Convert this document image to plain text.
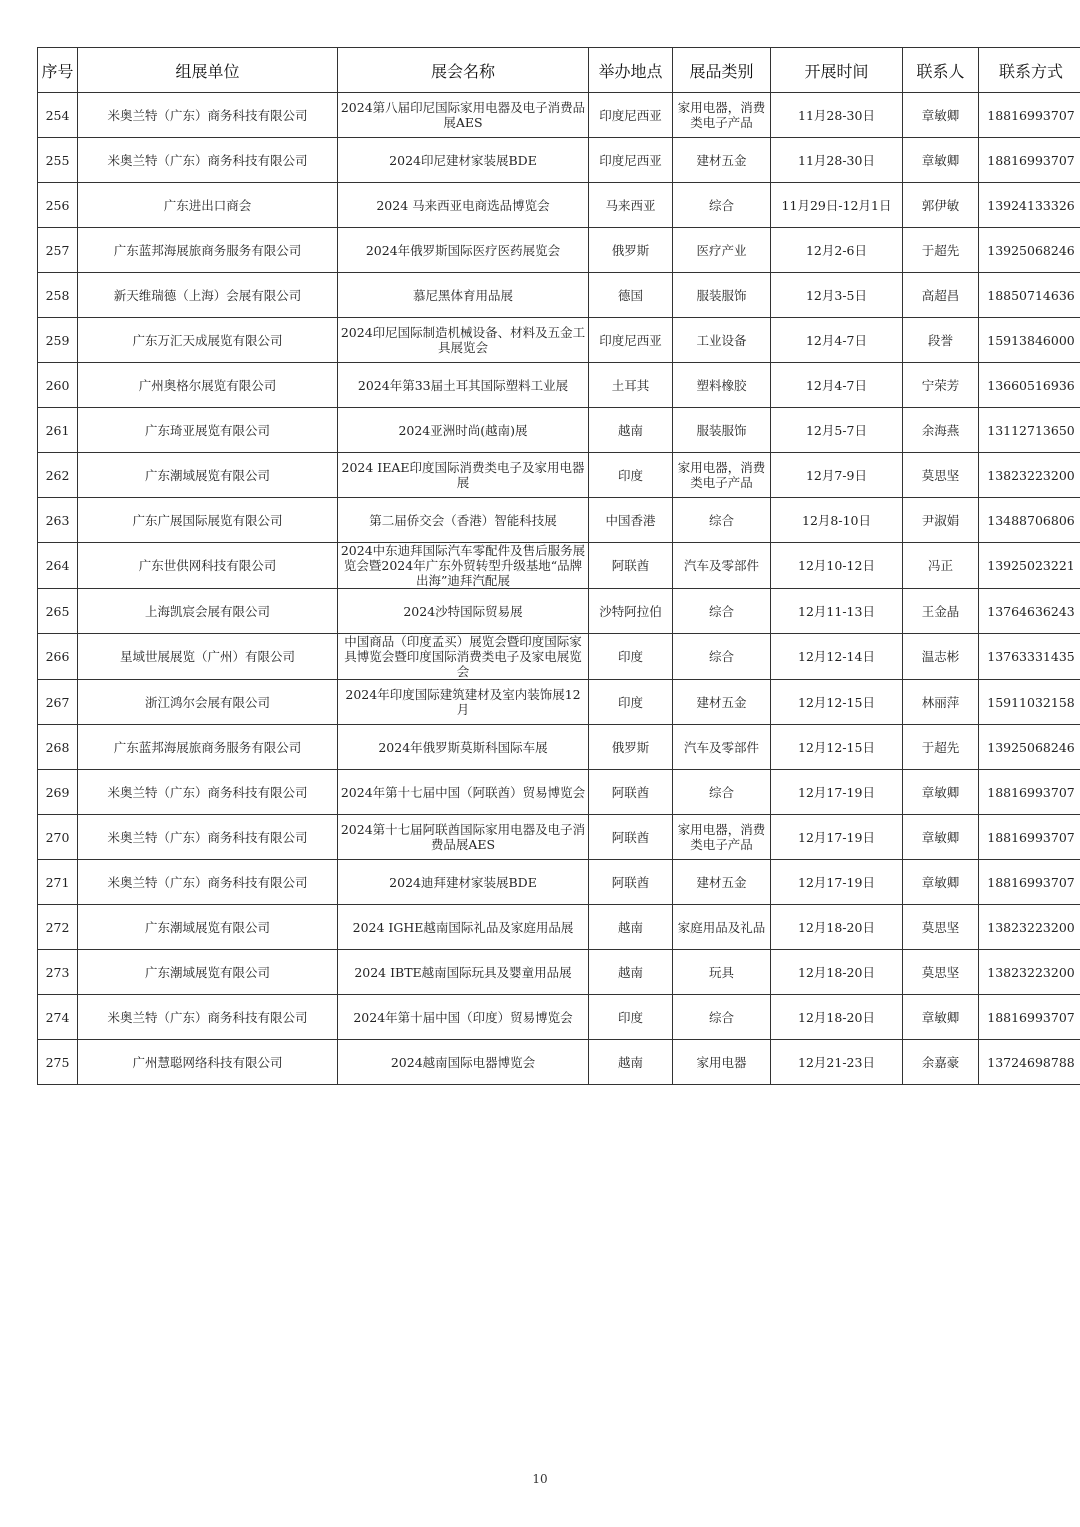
序号	组展单位	展会名称	举办地点	展品类别	开展时间	联系人	联系方式
254	米奥兰特（广东）商务科技有限公司	2024第八届印尼国际家用电器及电子消费品展AES	印度尼西亚	家用电器，消费类电子产品	11月28-30日	章敏卿	18816993707
255	米奥兰特（广东）商务科技有限公司	2024印尼建材家装展BDE	印度尼西亚	建材五金	11月28-30日	章敏卿	18816993707
256	广东进出口商会	2024 马来西亚电商选品博览会	马来西亚	综合	11月29日-12月1日	郭伊敏	13924133326
257	广东蓝邦海展旅商务服务有限公司	2024年俄罗斯国际医疗医药展览会	俄罗斯	医疗产业	12月2-6日	于超先	13925068246
258	新天维瑞德（上海）会展有限公司	慕尼黑体育用品展	德国	服装服饰	12月3-5日	高超昌	18850714636
259	广东万汇天成展览有限公司	2024印尼国际制造机械设备、材料及五金工具展览会	印度尼西亚	工业设备	12月4-7日	段誉	15913846000
260	广州奥格尔展览有限公司	2024年第33届土耳其国际塑料工业展	土耳其	塑料橡胶	12月4-7日	宁荣芳	13660516936
261	广东琦亚展览有限公司	2024亚洲时尚(越南)展	越南	服装服饰	12月5-7日	余海燕	13112713650
262	广东潮域展览有限公司	2024 IEAE印度国际消费类电子及家用电器展	印度	家用电器，消费类电子产品	12月7-9日	莫思坚	13823223200
263	广东广展国际展览有限公司	第二届侨交会（香港）智能科技展	中国香港	综合	12月8-10日	尹淑娟	13488706806
264	广东世供网科技有限公司	2024中东迪拜国际汽车零配件及售后服务展览会暨2024年广东外贸转型升级基地“品牌出海”迪拜汽配展	阿联酋	汽车及零部件	12月10-12日	冯正	13925023221
265	上海凯宸会展有限公司	2024沙特国际贸易展	沙特阿拉伯	综合	12月11-13日	王金晶	13764636243
266	星域世展展览（广州）有限公司	中国商品（印度孟买）展览会暨印度国际家具博览会暨印度国际消费类电子及家电展览会	印度	综合	12月12-14日	温志彬	13763331435
267	浙江鸿尔会展有限公司	2024年印度国际建筑建材及室内装饰展12月	印度	建材五金	12月12-15日	林丽萍	15911032158
268	广东蓝邦海展旅商务服务有限公司	2024年俄罗斯莫斯科国际车展	俄罗斯	汽车及零部件	12月12-15日	于超先	13925068246
269	米奥兰特（广东）商务科技有限公司	2024年第十七届中国（阿联酋）贸易博览会	阿联酋	综合	12月17-19日	章敏卿	18816993707
270	米奥兰特（广东）商务科技有限公司	2024第十七届阿联酋国际家用电器及电子消费品展AES	阿联酋	家用电器，消费类电子产品	12月17-19日	章敏卿	18816993707
271	米奥兰特（广东）商务科技有限公司	2024迪拜建材家装展BDE	阿联酋	建材五金	12月17-19日	章敏卿	18816993707
272	广东潮域展览有限公司	2024 IGHE越南国际礼品及家庭用品展	越南	家庭用品及礼品	12月18-20日	莫思坚	13823223200
273	广东潮域展览有限公司	2024 IBTE越南国际玩具及婴童用品展	越南	玩具	12月18-20日	莫思坚	13823223200
274	米奥兰特（广东）商务科技有限公司	2024年第十届中国（印度）贸易博览会	印度	综合	12月18-20日	章敏卿	18816993707
275	广州慧聪网络科技有限公司	2024越南国际电器博览会	越南	家用电器	12月21-23日	余嘉豪	13724698788
10
